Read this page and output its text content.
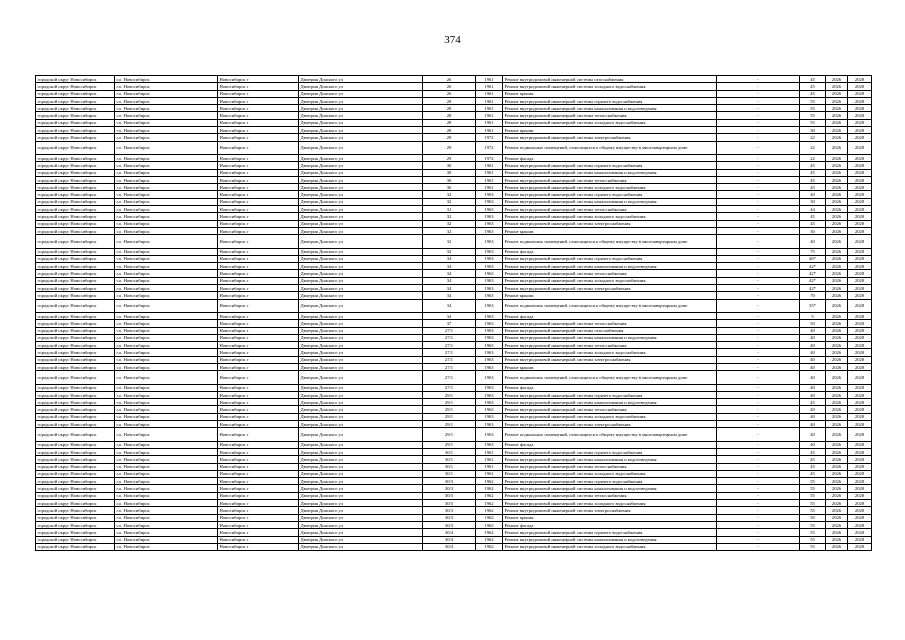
374
городской округ Новосибирск	г.о. Новосибирск	Новосибирск г	Дмитрия Донского ул	26	1961	Ремонт внутридомовой инженерной системы газоснабжения	-	45	2026	2028
городской округ Новосибирск	г.о. Новосибирск	Новосибирск г	Дмитрия Донского ул	26	1961	Ремонт внутридомовой инженерной системы холодного водоснабжения	-	45	2026	2028
городской округ Новосибирск	г.о. Новосибирск	Новосибирск г	Дмитрия Донского ул	26	1961	Ремонт крыши	-	45	2026	2028
городской округ Новосибирск	г.о. Новосибирск	Новосибирск г	Дмитрия Донского ул	28	1961	Ремонт внутридомовой инженерной системы горячего водоснабжения	-	55	2026	2028
городской округ Новосибирск	г.о. Новосибирск	Новосибирск г	Дмитрия Донского ул	28	1961	Ремонт внутридомовой инженерной системы канализования и водоотведения	-	55	2026	2028
городской округ Новосибирск	г.о. Новосибирск	Новосибирск г	Дмитрия Донского ул	28	1961	Ремонт внутридомовой инженерной системы теплоснабжения	-	55	2026	2028
городской округ Новосибирск	г.о. Новосибирск	Новосибирск г	Дмитрия Донского ул	28	1961	Ремонт внутридомовой инженерной системы холодного водоснабжения	-	55	2026	2028
городской округ Новосибирск	г.о. Новосибирск	Новосибирск г	Дмитрия Донского ул	28	1961	Ремонт крыши	-	30	2026	2028
городской округ Новосибирск	г.о. Новосибирск	Новосибирск г	Дмитрия Донского ул	29	1972	Ремонт внутридомовой инженерной системы электроснабжения	-	22	2026	2028
городской округ Новосибирск	г.о. Новосибирск	Новосибирск г	Дмитрия Донского ул	29	1972	Ремонт подвальных помещений, относящихся к общему имуществу в многоквартирном доме	-	22	2026	2028
городской округ Новосибирск	г.о. Новосибирск	Новосибирск г	Дмитрия Донского ул	29	1972	Ремонт фасада	-	22	2026	2028
городской округ Новосибирск	г.о. Новосибирск	Новосибирск г	Дмитрия Донского ул	30	1961	Ремонт внутридомовой инженерной системы горячего водоснабжения	-	45	2026	2028
городской округ Новосибирск	г.о. Новосибирск	Новосибирск г	Дмитрия Донского ул	30	1961	Ремонт внутридомовой инженерной системы канализования и водоотведения	-	45	2026	2028
городской округ Новосибирск	г.о. Новосибирск	Новосибирск г	Дмитрия Донского ул	30	1961	Ремонт внутридомовой инженерной системы теплоснабжения	-	45	2026	2028
городской округ Новосибирск	г.о. Новосибирск	Новосибирск г	Дмитрия Донского ул	30	1961	Ремонт внутридомовой инженерной системы холодного водоснабжения	-	45	2026	2028
городской округ Новосибирск	г.о. Новосибирск	Новосибирск г	Дмитрия Донского ул	32	1963	Ремонт внутридомовой инженерной системы горячего водоснабжения	-	40	2026	2028
городской округ Новосибирск	г.о. Новосибирск	Новосибирск г	Дмитрия Донского ул	32	1963	Ремонт внутридомовой инженерной системы канализования и водоотведения	-	30	2026	2028
городской округ Новосибирск	г.о. Новосибирск	Новосибирск г	Дмитрия Донского ул	31	1963	Ремонт внутридомовой инженерной системы теплоснабжения	-	44	2026	2028
городской округ Новосибирск	г.о. Новосибирск	Новосибирск г	Дмитрия Донского ул	32	1963	Ремонт внутридомовой инженерной системы холодного водоснабжения	-	45	2026	2028
городской округ Новосибирск	г.о. Новосибирск	Новосибирск г	Дмитрия Донского ул	32	1963	Ремонт внутридомовой инженерной системы электроснабжения	-	45	2026	2028
городской округ Новосибирск	г.о. Новосибирск	Новосибирск г	Дмитрия Донского ул	32	1963	Ремонт крыши	-	30	2026	2028
городской округ Новосибирск	г.о. Новосибирск	Новосибирск г	Дмитрия Донского ул	32	1963	Ремонт подвальных помещений, относящихся к общему имуществу в многоквартирном доме	-	40	2026	2028
городской округ Новосибирск	г.о. Новосибирск	Новосибирск г	Дмитрия Донского ул	32	1963	Ремонт фасада	-	75	2026	2028
городской округ Новосибирск	г.о. Новосибирск	Новосибирск г	Дмитрия Донского ул	34	1963	Ремонт внутридомовой инженерной системы горячего водоснабжения	-	46*	2026	2028
городской округ Новосибирск	г.о. Новосибирск	Новосибирск г	Дмитрия Донского ул	34	1963	Ремонт внутридомовой инженерной системы канализования и водоотведения	-	42*	2026	2028
городской округ Новосибирск	г.о. Новосибирск	Новосибирск г	Дмитрия Донского ул	34	1963	Ремонт внутридомовой инженерной системы теплоснабжения	-	42*	2026	2028
городской округ Новосибирск	г.о. Новосибирск	Новосибирск г	Дмитрия Донского ул	34	1963	Ремонт внутридомовой инженерной системы холодного водоснабжения	-	42*	2026	2028
городской округ Новосибирск	г.о. Новосибирск	Новосибирск г	Дмитрия Донского ул	34	1963	Ремонт внутридомовой инженерной системы электроснабжения	-	42*	2026	2028
городской округ Новосибирск	г.о. Новосибирск	Новосибирск г	Дмитрия Донского ул	34	1963	Ремонт крыши	-	70	2026	2028
городской округ Новосибирск	г.о. Новосибирск	Новосибирск г	Дмитрия Донского ул	34	1963	Ремонт подвальных помещений, относящихся к общему имуществу в многоквартирном доме	-	35*	2026	2028
городской округ Новосибирск	г.о. Новосибирск	Новосибирск г	Дмитрия Донского ул	34	1963	Ремонт фасада	-	5	2026	2028
городской округ Новосибирск	г.о. Новосибирск	Новосибирск г	Дмитрия Донского ул	37	1963	Ремонт внутридомовой инженерной системы теплоснабжения	-	50	2026	2028
городской округ Новосибирск	г.о. Новосибирск	Новосибирск г	Дмитрия Донского ул	27/1	1963	Ремонт внутридомовой инженерной системы газоснабжения	-	40	2026	2028
городской округ Новосибирск	г.о. Новосибирск	Новосибирск г	Дмитрия Донского ул	27/1	1963	Ремонт внутридомовой инженерной системы канализования и водоотведения	-	40	2026	2028
городской округ Новосибирск	г.о. Новосибирск	Новосибирск г	Дмитрия Донского ул	27/1	1963	Ремонт внутридомовой инженерной системы теплоснабжения	-	40	2026	2028
городской округ Новосибирск	г.о. Новосибирск	Новосибирск г	Дмитрия Донского ул	27/1	1963	Ремонт внутридомовой инженерной системы холодного водоснабжения	-	40	2026	2028
городской округ Новосибирск	г.о. Новосибирск	Новосибирск г	Дмитрия Донского ул	27/1	1963	Ремонт внутридомовой инженерной системы электроснабжения	-	40	2026	2028
городской округ Новосибирск	г.о. Новосибирск	Новосибирск г	Дмитрия Донского ул	27/1	1963	Ремонт крыши	-	40	2026	2028
городской округ Новосибирск	г.о. Новосибирск	Новосибирск г	Дмитрия Донского ул	27/1	1963	Ремонт подвальных помещений, относящихся к общему имуществу в многоквартирном доме	-	40	2026	2028
городской округ Новосибирск	г.о. Новосибирск	Новосибирск г	Дмитрия Донского ул	27/1	1963	Ремонт фасада	-	40	2026	2028
городской округ Новосибирск	г.о. Новосибирск	Новосибирск г	Дмитрия Донского ул	29/1	1963	Ремонт внутридомовой инженерной системы горячего водоснабжения	-	40	2026	2028
городской округ Новосибирск	г.о. Новосибирск	Новосибирск г	Дмитрия Донского ул	29/1	1963	Ремонт внутридомовой инженерной системы канализования и водоотведения	-	45	2026	2028
городской округ Новосибирск	г.о. Новосибирск	Новосибирск г	Дмитрия Донского ул	29/1	1963	Ремонт внутридомовой инженерной системы теплоснабжения	-	40	2026	2028
городской округ Новосибирск	г.о. Новосибирск	Новосибирск г	Дмитрия Донского ул	29/1	1963	Ремонт внутридомовой инженерной системы холодного водоснабжения	-	40	2026	2028
городской округ Новосибирск	г.о. Новосибирск	Новосибирск г	Дмитрия Донского ул	29/1	1963	Ремонт внутридомовой инженерной системы электроснабжения	-	40	2026	2028
городской округ Новосибирск	г.о. Новосибирск	Новосибирск г	Дмитрия Донского ул	29/1	1963	Ремонт подвальных помещений, относящихся к общему имуществу в многоквартирном доме	-	40	2026	2028
городской округ Новосибирск	г.о. Новосибирск	Новосибирск г	Дмитрия Донского ул	29/1	1963	Ремонт фасада	-	40	2026	2028
городской округ Новосибирск	г.о. Новосибирск	Новосибирск г	Дмитрия Донского ул	30/1	1961	Ремонт внутридомовой инженерной системы горячего водоснабжения	-	45	2026	2028
городской округ Новосибирск	г.о. Новосибирск	Новосибирск г	Дмитрия Донского ул	30/1	1961	Ремонт внутридомовой инженерной системы канализования и водоотведения	-	45	2026	2028
городской округ Новосибирск	г.о. Новосибирск	Новосибирск г	Дмитрия Донского ул	30/1	1961	Ремонт внутридомовой инженерной системы теплоснабжения	-	45	2026	2028
городской округ Новосибирск	г.о. Новосибирск	Новосибирск г	Дмитрия Донского ул	30/1	1961	Ремонт внутридомовой инженерной системы холодного водоснабжения	-	45	2026	2028
городской округ Новосибирск	г.о. Новосибирск	Новосибирск г	Дмитрия Донского ул	30/3	1962	Ремонт внутридомовой инженерной системы горячего водоснабжения	-	55	2026	2028
городской округ Новосибирск	г.о. Новосибирск	Новосибирск г	Дмитрия Донского ул	30/3	1962	Ремонт внутридомовой инженерной системы канализования и водоотведения	-	55	2026	2028
городской округ Новосибирск	г.о. Новосибирск	Новосибирск г	Дмитрия Донского ул	30/3	1962	Ремонт внутридомовой инженерной системы теплоснабжения	-	55	2026	2028
городской округ Новосибирск	г.о. Новосибирск	Новосибирск г	Дмитрия Донского ул	30/3	1962	Ремонт внутридомовой инженерной системы холодного водоснабжения	-	55	2026	2028
городской округ Новосибирск	г.о. Новосибирск	Новосибирск г	Дмитрия Донского ул	30/3	1962	Ремонт внутридомовой инженерной системы электроснабжения	-	55	2026	2028
городской округ Новосибирск	г.о. Новосибирск	Новосибирск г	Дмитрия Донского ул	30/3	1962	Ремонт крыши	-	50	2026	2028
городской округ Новосибирск	г.о. Новосибирск	Новосибирск г	Дмитрия Донского ул	30/3	1962	Ремонт фасада	-	55	2026	2028
городской округ Новосибирск	г.о. Новосибирск	Новосибирск г	Дмитрия Донского ул	30/4	1962	Ремонт внутридомовой инженерной системы горячего водоснабжения	-	55	2026	2028
городской округ Новосибирск	г.о. Новосибирск	Новосибирск г	Дмитрия Донского ул	30/4	1962	Ремонт внутридомовой инженерной системы канализования и водоотведения	-	55	2026	2028
городской округ Новосибирск	г.о. Новосибирск	Новосибирск г	Дмитрия Донского ул	30/4	1962	Ремонт внутридомовой инженерной системы холодного водоснабжения	-	55	2026	2028
